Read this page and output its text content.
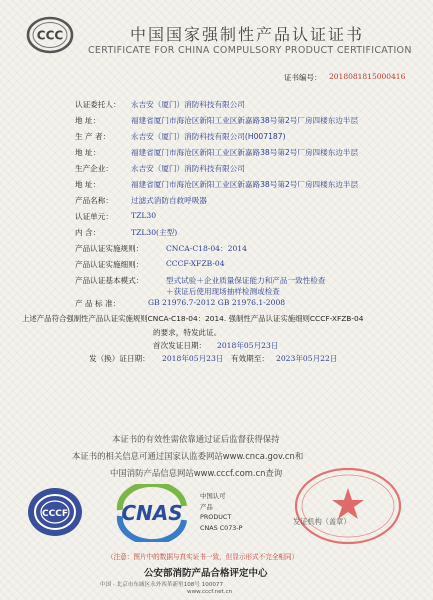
CCC	中国国家强制性产品认证证书
CERTIFICATE FOR CHINA COMPULSORY PRODUCT CERTIFICATION
证书编号： 2018081815000416
认证委托人： 永吉安（厦门）消防科技有限公司
地 址：	福建省厦门市海沧区新阳工业区新嘉路38号第2号厂房四楼东边半层
生 产 者：	永吉安（厦门）消防科技有限公司(H007187)
地 址：	福建省厦门市海沧区新阳工业区新嘉路38号第2号厂房四楼东边半层
生产企业： 永吉安（厦门）消防科技有限公司
地 址：	福建省厦门市海沧区新阳工业区新嘉路38号第2号厂房四楼东边半层
产品名称： 过滤式消防自救呼吸器
认证单元： TZL30
内 含：	TZL30(主型)
产品认证实施规则：	CNCA-C18-04：2014
产品认证实施细则：	CCCF-XFZB-04
产品认证基本模式：	型式试验＋企业质量保证能力和产品一致性检查
＋获证后使用现场抽样检测或检查
产 品 标 准：	GB 21976.7-2012 GB 21976.1-2008
上述产品符合强制性产品认证实施规则CNCA-C18-04：2014. 强制性产品认证实施细则CCCF-XFZB-04
的要求，特发此证。
首次发证日期： 2018年05月23日
发（换）证日期： 2018年05月23日 有效期至： 2023年05月22日
本证书的有效性需依靠通过证后监督获得保持
本证书的相关信息可通过国家认监委网站www.cnca.gov.cn和
中国消防产品信息网站www.cccf.com.cn查询
CCCF	CNAS
中国认可
产品
PRODUCT
CNAS C073-P
发证机构（盖章）
（注意：图片中的数据与真实证书一致，但显示形式不完全相同）
公安部消防产品合格评定中心
中国 · 北京市东城区永外西革新里108号 100077
www.cccf.net.cn
